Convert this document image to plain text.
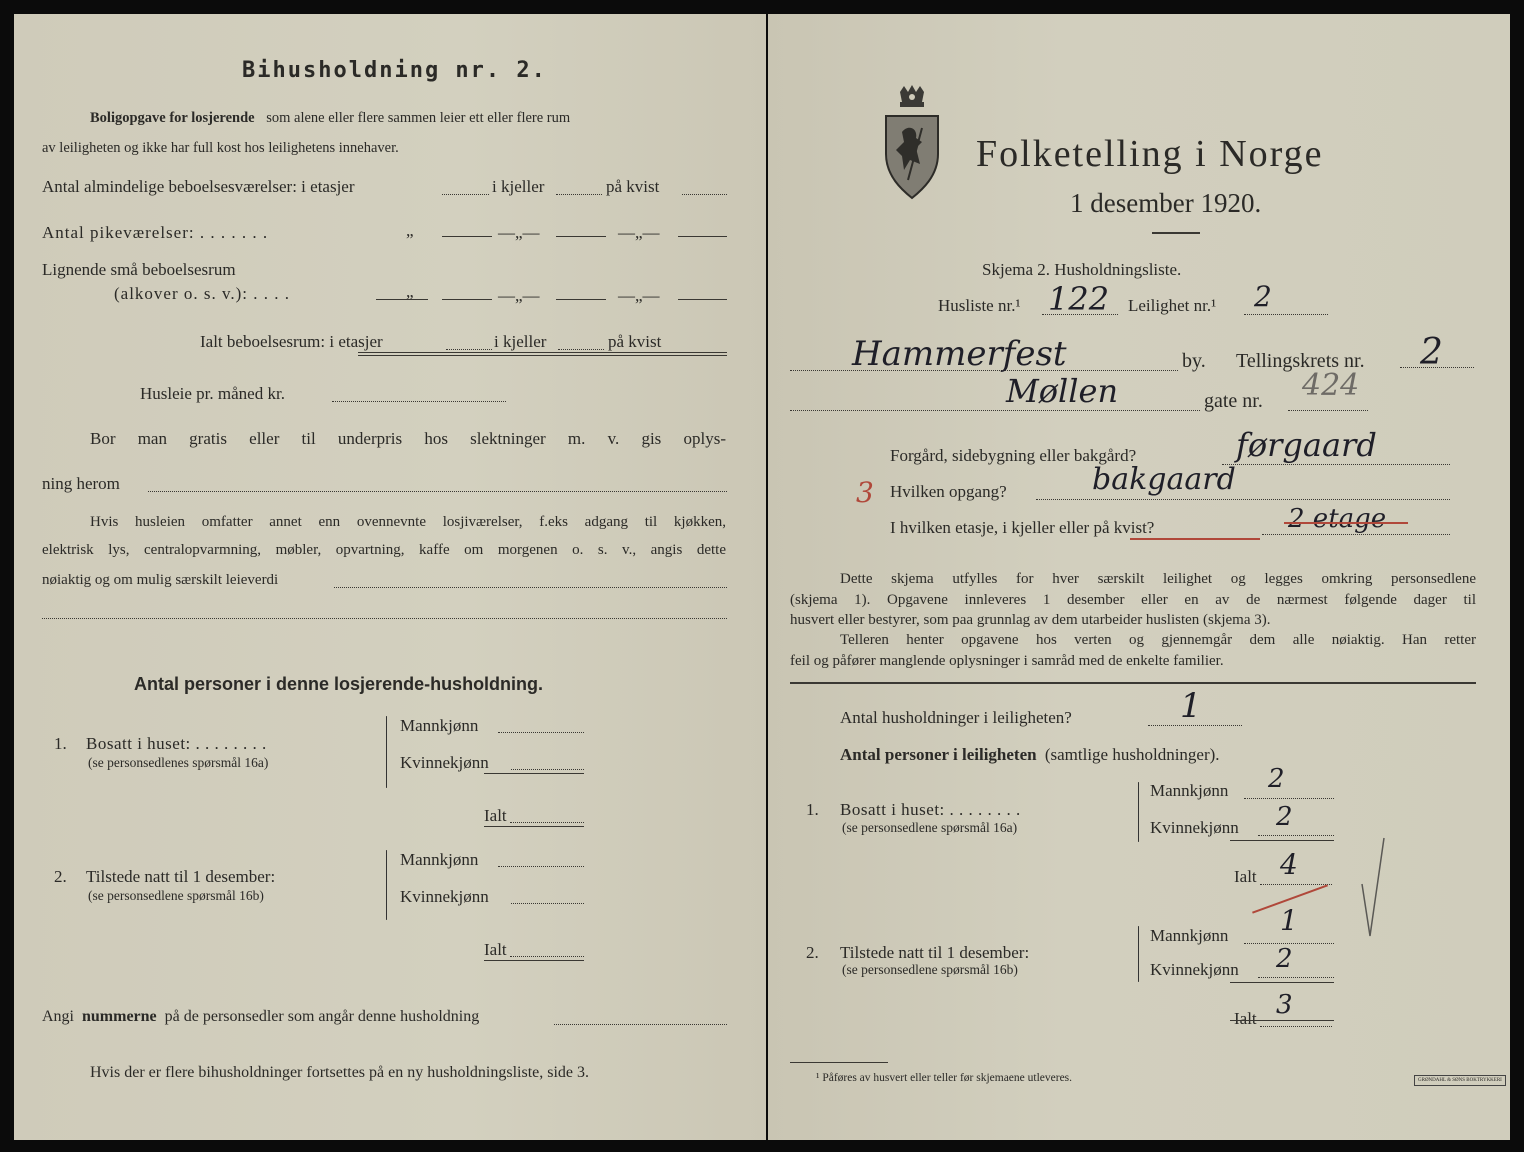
Bihusholdning nr. 2.
Boligopgave for losjerende som alene eller flere sammen leier ett eller flere rum
av leiligheten og ikke har full kost hos leilighetens innehaver.
Antal almindelige beboelsesværelser: i etasjer	i kjeller	på kvist
Antal pikeværelser: . . . . . . .	„	—„—	—„—
Lignende små beboelsesrum
(alkover o. s. v.): . . . .	„	—„—	—„—
Ialt beboelsesrum: i etasjer	i kjeller	på kvist
Husleie pr. måned kr.
Bor man gratis eller til underpris hos slektninger m. v. gis oplys-
ning herom
Hvis husleien omfatter annet enn ovennevnte losjiværelser, f.eks adgang til kjøkken,
elektrisk lys, centralopvarmning, møbler, opvartning, kaffe om morgenen o. s. v., angis dette
nøiaktig og om mulig særskilt leieverdi
Antal personer i denne losjerende-husholdning.
1. Bosatt i huset: . . . . . . . .
(se personsedlenes spørsmål 16a)
Mannkjønn
Kvinnekjønn
Ialt
2. Tilstede natt til 1 desember:
(se personsedlene spørsmål 16b)
Mannkjønn
Kvinnekjønn
Ialt
Angi nummerne på de personsedler som angår denne husholdning
Hvis der er flere bihusholdninger fortsettes på en ny husholdningsliste, side 3.
Folketelling i Norge
1 desember 1920.
Skjema 2. Husholdningsliste.
Husliste nr.¹ 122 Leilighet nr.¹ 2
Hammerfest	by. Tellingskrets nr. 2
Møllen	gate nr. 424
Forgård, sidebygning eller bakgård?	førgaard
3 Hvilken opgang?	bakgaard
I hvilken etasje, i kjeller eller på kvist?	2 etage
Dette skjema utfylles for hver særskilt leilighet og legges omkring personsedlene
(skjema 1). Opgavene innleveres 1 desember eller en av de nærmest følgende dager til
husvert eller bestyrer, som paa grunnlag av dem utarbeider huslisten (skjema 3).
Telleren henter opgavene hos verten og gjennemgår dem alle nøiaktig. Han retter
feil og påfører manglende oplysninger i samråd med de enkelte familier.
Antal husholdninger i leiligheten?	1
Antal personer i leiligheten (samtlige husholdninger).
1. Bosatt i huset: . . . . . . . .
(se personsedlene spørsmål 16a)
Mannkjønn 2
Kvinnekjønn 2
Ialt 4
2. Tilstede natt til 1 desember:
(se personsedlene spørsmål 16b)
Mannkjønn 1
Kvinnekjønn 2
Ialt 3
¹ Påføres av husvert eller teller før skjemaene utleveres.	GRØNDAHL & SØNS BOKTRYKKERI
